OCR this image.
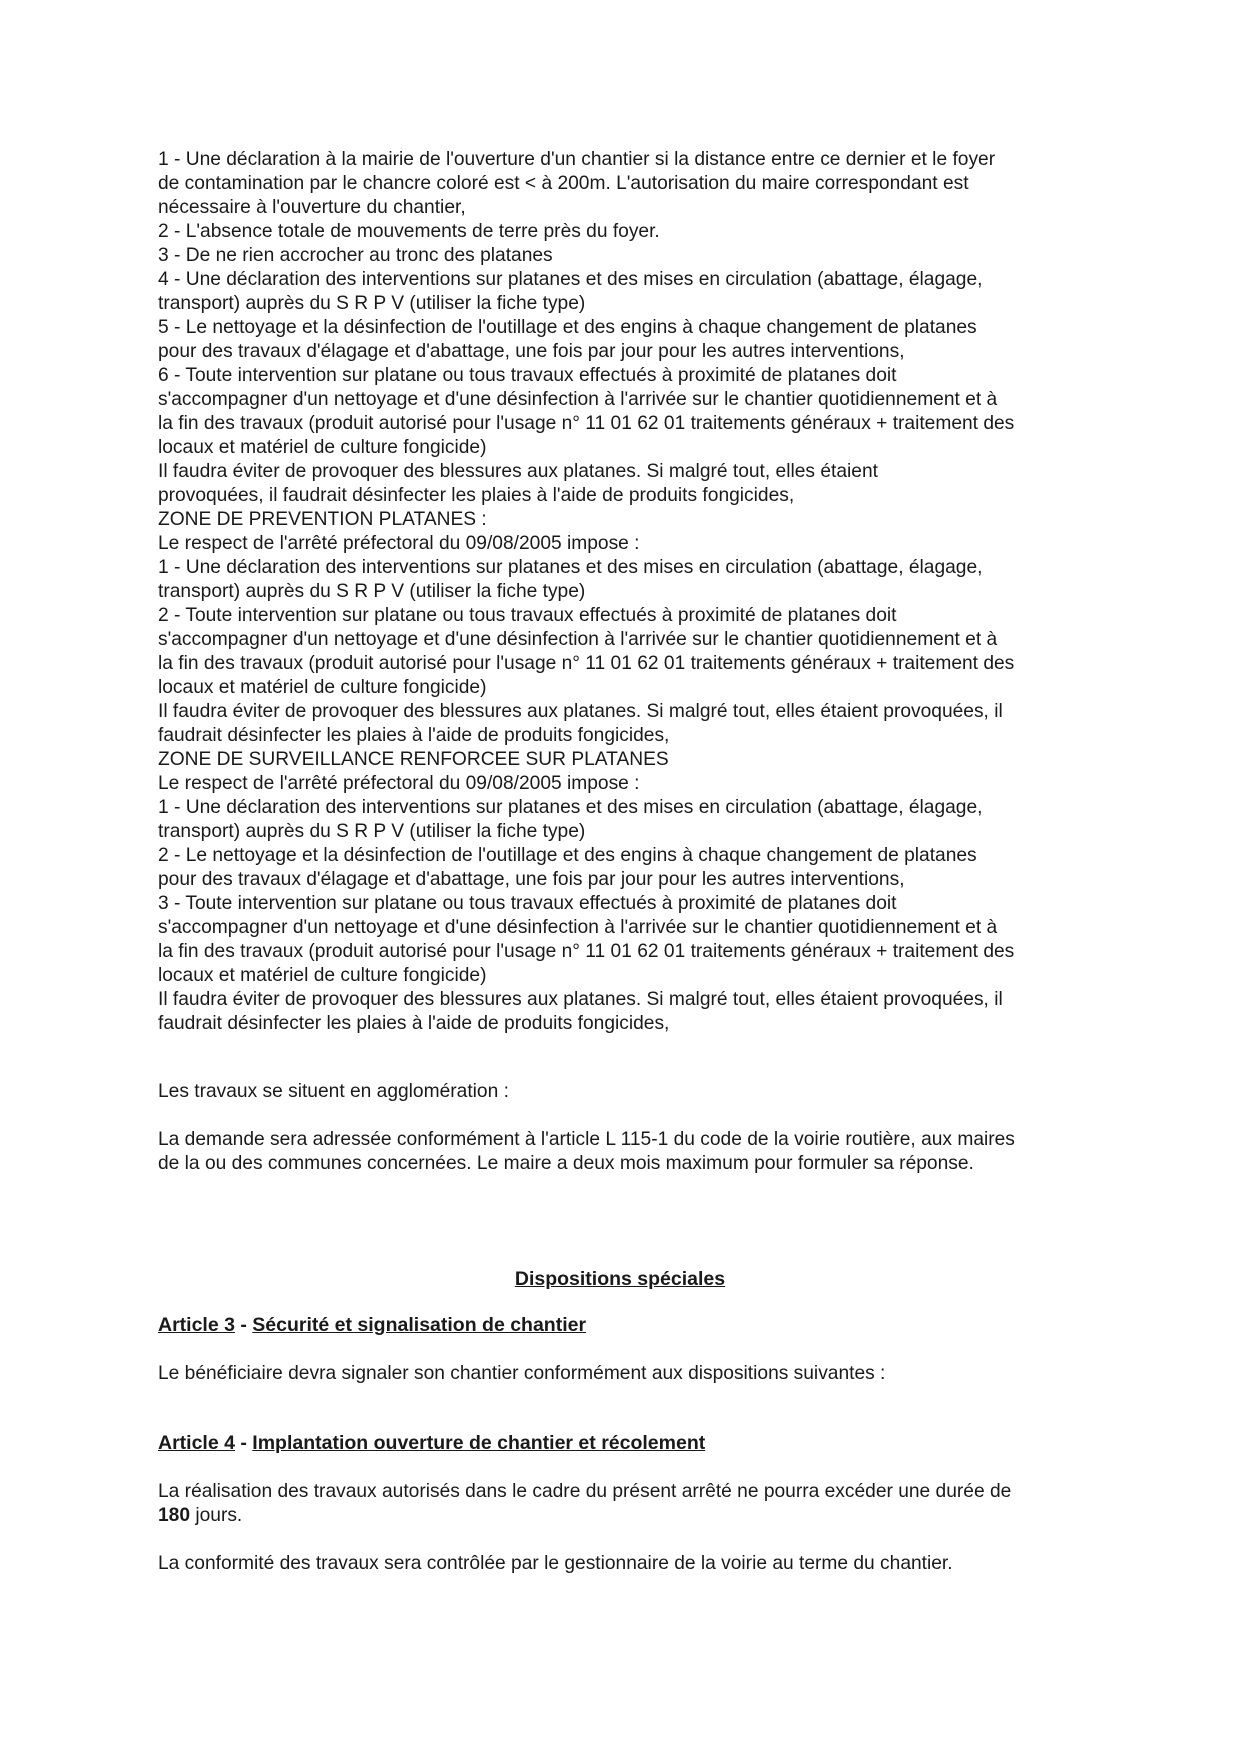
1 - Une déclaration à la mairie de l'ouverture d'un chantier si la distance entre ce dernier et le foyer

de contamination par le chancre coloré est < à 200m. L'autorisation du maire correspondant est

nécessaire à l'ouverture du chantier,

2 - L'absence totale de mouvements de terre près du foyer.

3 - De ne rien accrocher au tronc des platanes

4 - Une déclaration des interventions sur platanes et des mises en circulation (abattage, élagage,

transport) auprès du S R P V (utiliser la fiche type)

5 - Le nettoyage et la désinfection de l'outillage et des engins à chaque changement de platanes

pour des travaux d'élagage et d'abattage, une fois par jour pour les autres interventions,

6 - Toute intervention sur platane ou tous travaux effectués à proximité de platanes doit

s'accompagner d'un nettoyage et d'une désinfection à l'arrivée sur le chantier quotidiennement et à

la fin des travaux (produit autorisé pour l'usage n° 11 01 62 01 traitements généraux + traitement des

locaux et matériel de culture fongicide)

Il faudra éviter de provoquer des blessures aux platanes. Si malgré tout, elles étaient

provoquées, il faudrait désinfecter les plaies à l'aide de produits fongicides,

ZONE DE PREVENTION PLATANES :

Le respect de l'arrêté préfectoral du 09/08/2005 impose :

1 - Une déclaration des interventions sur platanes et des mises en circulation (abattage, élagage,

transport) auprès du S R P V (utiliser la fiche type)

2 - Toute intervention sur platane ou tous travaux effectués à proximité de platanes doit

s'accompagner d'un nettoyage et d'une désinfection à l'arrivée sur le chantier quotidiennement et à

la fin des travaux (produit autorisé pour l'usage n° 11 01 62 01 traitements généraux + traitement des

locaux et matériel de culture fongicide)

Il faudra éviter de provoquer des blessures aux platanes. Si malgré tout, elles étaient provoquées, il

faudrait désinfecter les plaies à l'aide de produits fongicides,

ZONE DE SURVEILLANCE RENFORCEE SUR PLATANES

Le respect de l'arrêté préfectoral du 09/08/2005 impose :

1 - Une déclaration des interventions sur platanes et des mises en circulation (abattage, élagage,

transport) auprès du S R P V (utiliser la fiche type)

2 - Le nettoyage et la désinfection de l'outillage et des engins à chaque changement de platanes

pour des travaux d'élagage et d'abattage, une fois par jour pour les autres interventions,

3 - Toute intervention sur platane ou tous travaux effectués à proximité de platanes doit

s'accompagner d'un nettoyage et d'une désinfection à l'arrivée sur le chantier quotidiennement et à

la fin des travaux (produit autorisé pour l'usage n° 11 01 62 01 traitements généraux + traitement des

locaux et matériel de culture fongicide)

Il faudra éviter de provoquer des blessures aux platanes. Si malgré tout, elles étaient provoquées, il

faudrait désinfecter les plaies à l'aide de produits fongicides,

Les travaux se situent en agglomération :

La demande sera adressée conformément à l'article L 115-1 du code de la voirie routière, aux maires

de la ou des communes concernées. Le maire a deux mois maximum pour formuler sa réponse.

Dispositions spéciales
Article 3 - Sécurité et signalisation de chantier

Le bénéficiaire devra signaler son chantier conformément aux dispositions suivantes :

Article 4 - Implantation ouverture de chantier et récolement

La réalisation des travaux autorisés dans le cadre du présent arrêté ne pourra excéder une durée de

180 jours.

La conformité des travaux sera contrôlée par le gestionnaire de la voirie au terme du chantier.
